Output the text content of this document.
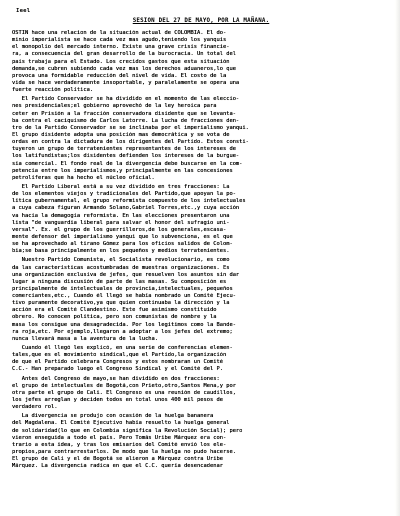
Ieel
SESION DEL 27 DE MAYO, POR LA MAÑANA.
OSTIN hace una relacion de la situación actual de COLOMBIA. El do-
minio imperialista se hace cada vez mas agudo,teniendo los yanquis
el monopolio del mercado interno. Existe una grave crisis financie-
ra, a consecuencia del gran desarrollo de la burocracia. Un total del
pais trabaja para el Estado. Los crecidos gastos que esta situación
demanda,se cubren subiendo cada vez mas los derechos aduaneros,lo que
provoca una formidable reducción del nivel de vida. El costo de la
vida se hace verdaderamente insoportable, y paralelamente se opera una
fuerte reacción política.
El Partido Conservador se ha dividido en el momento de las eleccio-
nes presidenciales;el gobierno aprovechó de la ley heroica para
ceter en Prisión a la fracción conservadora disidente que se levanta-
ba contra el caciquismo de Carlos Latorre. La lucha de fracciones den-
tro de la Partido Conservador se se inclinaba por el imperialismo yanqui.
El grupo disidente adopta una posición mas democrática y se vota de
ordas en contra la dictadura de los dirigentes del Partido. Estos consti-
tuyeron un grupo de terratenientes representantes de los intereses de
los latifundistas;los disidentes defienden los intereses de la burgue-
sía comercial. El fondo real de la divergencia debe buscarse en la com-
petencia entre los imperialismos,y principalmente en las concesiones
petrolíferas que ha hecho el núcleo oficial.
El Partido Liberal está a su vez dividido en tres fracciones: La
de los elementos viejos y tradicionales del Partido,que apoyan la po-
lítica gubernamental, el grupo reformista compuesto de los intelectuales
a cuya cabeza figuran Armando Solano,Gabriel Torres,etc.,y cuya acción
va hacia la demagogia reformista. En las elecciones presentaron una
lista "de vanguardia liberal para salvar el honor del sufragio uni-
versal". Ex. el grupo de los guerrilleros,de los generales,escasa-
mente defensor del imperialismo yanqui que lo subvenciona, es el que
se ha aprovechado al tirano Gómez para los oficios salidos de Colom-
bia;se basa principalmente en los pequeños y medios terratenientes.
Nuestro Partido Comunista, el Socialista revolucionario, es como
da las características acostumbradas de muestras organizaciones. Es
una organización exclusiva de jefes, que resuelven los asuntos sin dar
lugar a ninguna discusión de parte de las masas. Su composición es
principalmente de intelectuales de provincia,intelectuales, pequeños
comerciantes,etc., Cuando él llegó se había nombrado un Comité Ejecu-
tivo puramente decorativo,ya que quien continuaba la dirección y la
acción era el Comité Clandestino. Este fue asimismo constituido
obrero. No conocen política, pero son comunistas de nombre y la
masa los consigue una desagradecida. Por los legítimos como la Bande-
ra roja,etc. Por ejemplo,llegaron a adoptar a los jefes del extremo;
nunca llevará masa a la aventura de la lucha.
Cuando él llegó les explicó, en una serie de conferencias elemen-
tales,que es el movimiento sindical,que el Partido,la organización
de que el Partido celebrara Congresos y estos nombraran un Comité
C.C.- Han preparado luego el Congreso Sindical y el Comité del P.
Antes del Congreso de mayo,se han dividido en dos fracciones:
el grupo de intelectuales de Bogotá,con Prieto,otro,Santos Mena,y por
otra parte el grupo de Cali. El Congreso es una reunión de caudillos,
los jefes arreglan y deciden todos en total unos 400 mil pesos de
verdadero rol.
La divergencia se produjo con ocasión de la huelga bananera
del Magdalena. El Comité Ejecutivo había resuelto la huelga general
de solidaridad(lo que en Colombia significa la Revolución Social); pero
vieron enseguida a todo el país. Pero Tomás Uribe Márquez era con-
trario a esta idea, y tras los emisarios del Comité envió los ele-
propios,para contrarrestarlos. De modo que la huelga no pudo hacerse.
El grupo de Cali y el de Bogotá se alieron a Márquez contra Uribe
Márquez. La divergencia radica en que el C.C. quería desencadenar
